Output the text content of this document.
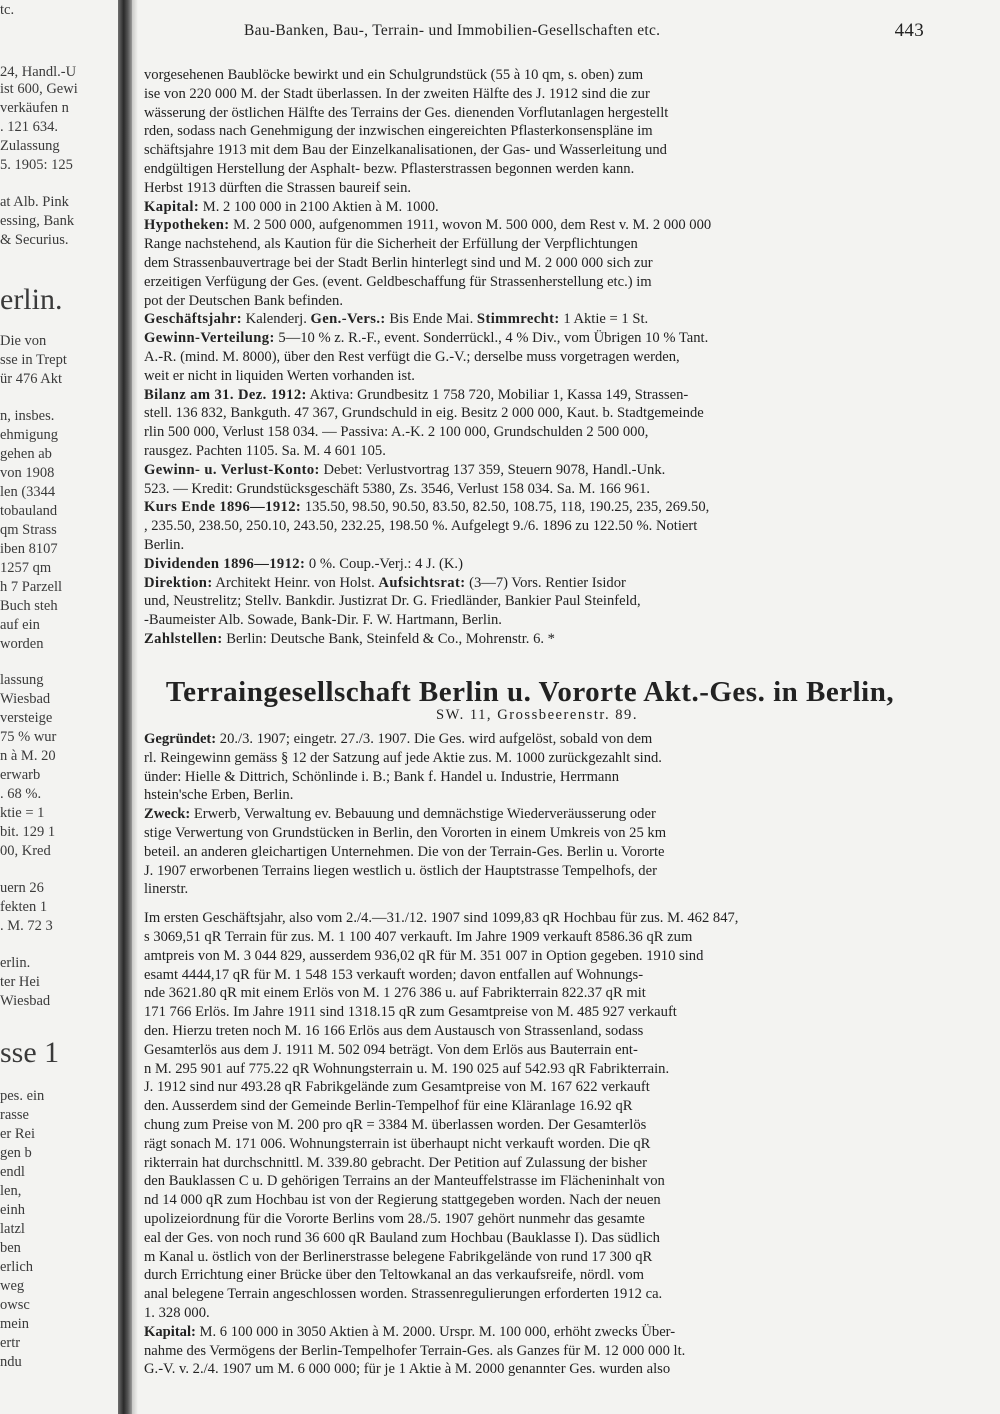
tc.
24, Handl.-U
ist 600, Gewi
verkäufen n
. 121 634.
Zulassung
5. 1905: 125
at Alb. Pink
essing, Bank
& Securius.
erlin.
Die von
sse in Trept
ür 476 Akt
n, insbes.
ehmigung
gehen ab
von 1908
len (3344
tobauland
qm Strass
iben 8107
1257 qm
h 7 Parzell
Buch steh
auf ein
worden
lassung
Wiesbad
versteige
75 % wur
n à M. 20
erwarb
. 68 %.
ktie = 1
bit. 129 1
00, Kred
uern 26
fekten 1
. M. 72 3
erlin.
ter Hei
Wiesbad
sse 1
pes. ein
rasse
er Rei
gen b
endl
len,
einh
latzl
ben
erlich
weg
owsc
mein
ertr
ndu
Bau-Banken, Bau-, Terrain- und Immobilien-Gesellschaften etc.	443

vorgesehenen Baublöcke bewirkt und ein Schulgrundstück (55 à 10 qm, s. oben) zum

ise von 220 000 M. der Stadt überlassen. In der zweiten Hälfte des J. 1912 sind die zur

wässerung der östlichen Hälfte des Terrains der Ges. dienenden Vorflutanlagen hergestellt

rden, sodass nach Genehmigung der inzwischen eingereichten Pflasterkonsenspläne im

schäftsjahre 1913 mit dem Bau der Einzelkanalisationen, der Gas- und Wasserleitung und

endgültigen Herstellung der Asphalt- bezw. Pflasterstrassen begonnen werden kann.

Herbst 1913 dürften die Strassen baureif sein.

Kapital: M. 2 100 000 in 2100 Aktien à M. 1000.

Hypotheken: M. 2 500 000, aufgenommen 1911, wovon M. 500 000, dem Rest v. M. 2 000 000

Range nachstehend, als Kaution für die Sicherheit der Erfüllung der Verpflichtungen

dem Strassenbauvertrage bei der Stadt Berlin hinterlegt sind und M. 2 000 000 sich zur

erzeitigen Verfügung der Ges. (event. Geldbeschaffung für Strassenherstellung etc.) im

pot der Deutschen Bank befinden.

Geschäftsjahr: Kalenderj. Gen.-Vers.: Bis Ende Mai. Stimmrecht: 1 Aktie = 1 St.

Gewinn-Verteilung: 5—10 % z. R.-F., event. Sonderrückl., 4 % Div., vom Übrigen 10 % Tant.

A.-R. (mind. M. 8000), über den Rest verfügt die G.-V.; derselbe muss vorgetragen werden,

weit er nicht in liquiden Werten vorhanden ist.

Bilanz am 31. Dez. 1912: Aktiva: Grundbesitz 1 758 720, Mobiliar 1, Kassa 149, Strassen-

stell. 136 832, Bankguth. 47 367, Grundschuld in eig. Besitz 2 000 000, Kaut. b. Stadtgemeinde

rlin 500 000, Verlust 158 034. — Passiva: A.-K. 2 100 000, Grundschulden 2 500 000,

rausgez. Pachten 1105. Sa. M. 4 601 105.

Gewinn- u. Verlust-Konto: Debet: Verlustvortrag 137 359, Steuern 9078, Handl.-Unk.

523. — Kredit: Grundstücksgeschäft 5380, Zs. 3546, Verlust 158 034. Sa. M. 166 961.

Kurs Ende 1896—1912: 135.50, 98.50, 90.50, 83.50, 82.50, 108.75, 118, 190.25, 235, 269.50,

, 235.50, 238.50, 250.10, 243.50, 232.25, 198.50 %. Aufgelegt 9./6. 1896 zu 122.50 %. Notiert

Berlin.

Dividenden 1896—1912: 0 %. Coup.-Verj.: 4 J. (K.)

Direktion: Architekt Heinr. von Holst. Aufsichtsrat: (3—7) Vors. Rentier Isidor

und, Neustrelitz; Stellv. Bankdir. Justizrat Dr. G. Friedländer, Bankier Paul Steinfeld,

-Baumeister Alb. Sowade, Bank-Dir. F. W. Hartmann, Berlin.

Zahlstellen: Berlin: Deutsche Bank, Steinfeld & Co., Mohrenstr. 6. *

Terraingesellschaft Berlin u. Vororte Akt.-Ges. in Berlin,
SW. 11, Grossbeerenstr. 89.

Gegründet: 20./3. 1907; eingetr. 27./3. 1907. Die Ges. wird aufgelöst, sobald von dem

rl. Reingewinn gemäss § 12 der Satzung auf jede Aktie zus. M. 1000 zurückgezahlt sind.

ünder: Hielle & Dittrich, Schönlinde i. B.; Bank f. Handel u. Industrie, Herrmann

hstein'sche Erben, Berlin.

Zweck: Erwerb, Verwaltung ev. Bebauung und demnächstige Wiederveräusserung oder

stige Verwertung von Grundstücken in Berlin, den Vororten in einem Umkreis von 25 km

beteil. an anderen gleichartigen Unternehmen. Die von der Terrain-Ges. Berlin u. Vororte

J. 1907 erworbenen Terrains liegen westlich u. östlich der Hauptstrasse Tempelhofs, der

linerstr.

Im ersten Geschäftsjahr, also vom 2./4.—31./12. 1907 sind 1099,83 qR Hochbau für zus. M. 462 847,

s 3069,51 qR Terrain für zus. M. 1 100 407 verkauft. Im Jahre 1909 verkauft 8586.36 qR zum

amtpreis von M. 3 044 829, ausserdem 936,02 qR für M. 351 007 in Option gegeben. 1910 sind

esamt 4444,17 qR für M. 1 548 153 verkauft worden; davon entfallen auf Wohnungs-

nde 3621.80 qR mit einem Erlös von M. 1 276 386 u. auf Fabrikterrain 822.37 qR mit

171 766 Erlös. Im Jahre 1911 sind 1318.15 qR zum Gesamtpreise von M. 485 927 verkauft

den. Hierzu treten noch M. 16 166 Erlös aus dem Austausch von Strassenland, sodass

Gesamterlös aus dem J. 1911 M. 502 094 beträgt. Von dem Erlös aus Bauterrain ent-

n M. 295 901 auf 775.22 qR Wohnungsterrain u. M. 190 025 auf 542.93 qR Fabrikterrain.

J. 1912 sind nur 493.28 qR Fabrikgelände zum Gesamtpreise von M. 167 622 verkauft

den. Ausserdem sind der Gemeinde Berlin-Tempelhof für eine Kläranlage 16.92 qR

chung zum Preise von M. 200 pro qR = 3384 M. überlassen worden. Der Gesamterlös

rägt sonach M. 171 006. Wohnungsterrain ist überhaupt nicht verkauft worden. Die qR

rikterrain hat durchschnittl. M. 339.80 gebracht. Der Petition auf Zulassung der bisher

den Bauklassen C u. D gehörigen Terrains an der Manteuffelstrasse im Flächeninhalt von

nd 14 000 qR zum Hochbau ist von der Regierung stattgegeben worden. Nach der neuen

upolizeiordnung für die Vororte Berlins vom 28./5. 1907 gehört nunmehr das gesamte

eal der Ges. von noch rund 36 600 qR Bauland zum Hochbau (Bauklasse I). Das südlich

m Kanal u. östlich von der Berlinerstrasse belegene Fabrikgelände von rund 17 300 qR

durch Errichtung einer Brücke über den Teltowkanal an das verkaufsreife, nördl. vom

anal belegene Terrain angeschlossen worden. Strassenregulierungen erforderten 1912 ca.

1. 328 000.

Kapital: M. 6 100 000 in 3050 Aktien à M. 2000. Urspr. M. 100 000, erhöht zwecks Über-

nahme des Vermögens der Berlin-Tempelhofer Terrain-Ges. als Ganzes für M. 12 000 000 lt.

G.-V. v. 2./4. 1907 um M. 6 000 000; für je 1 Aktie à M. 2000 genannter Ges. wurden also
